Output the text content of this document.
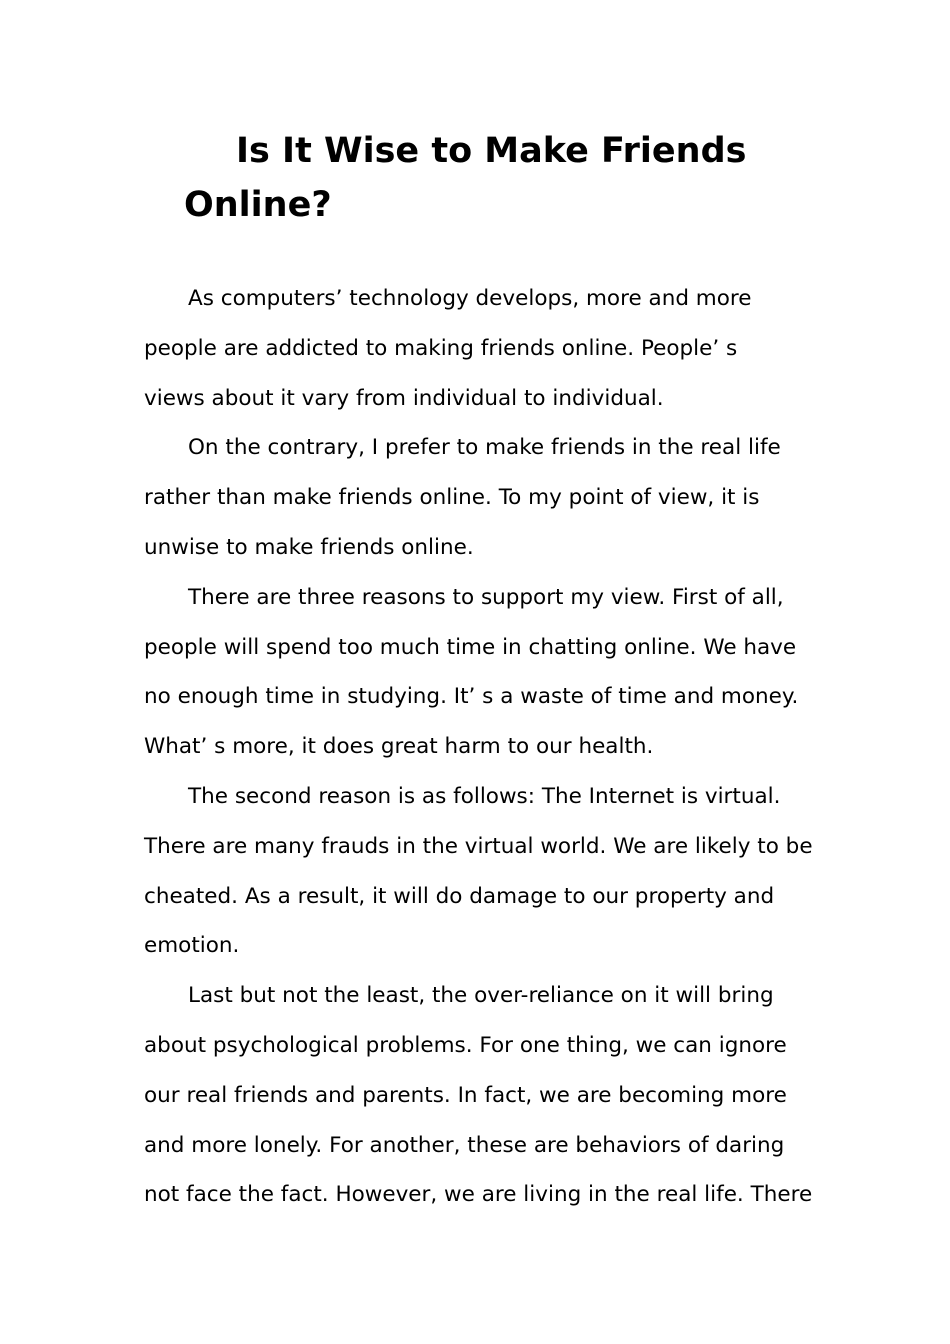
Is It Wise to Make Friends
Online?
As computers’ technology develops, more and more
people are addicted to making friends online. People’ s
views about it vary from individual to individual.
On the contrary, I prefer to make friends in the real life
rather than make friends online. To my point of view, it is
unwise to make friends online.
There are three reasons to support my view. First of all,
people will spend too much time in chatting online. We have
no enough time in studying. It’ s a waste of time and money.
What’ s more, it does great harm to our health.
The second reason is as follows: The Internet is virtual.
There are many frauds in the virtual world. We are likely to be
cheated. As a result, it will do damage to our property and
emotion.
Last but not the least, the over-reliance on it will bring
about psychological problems. For one thing, we can ignore
our real friends and parents. In fact, we are becoming more
and more lonely. For another, these are behaviors of daring
not face the fact. However, we are living in the real life. There
